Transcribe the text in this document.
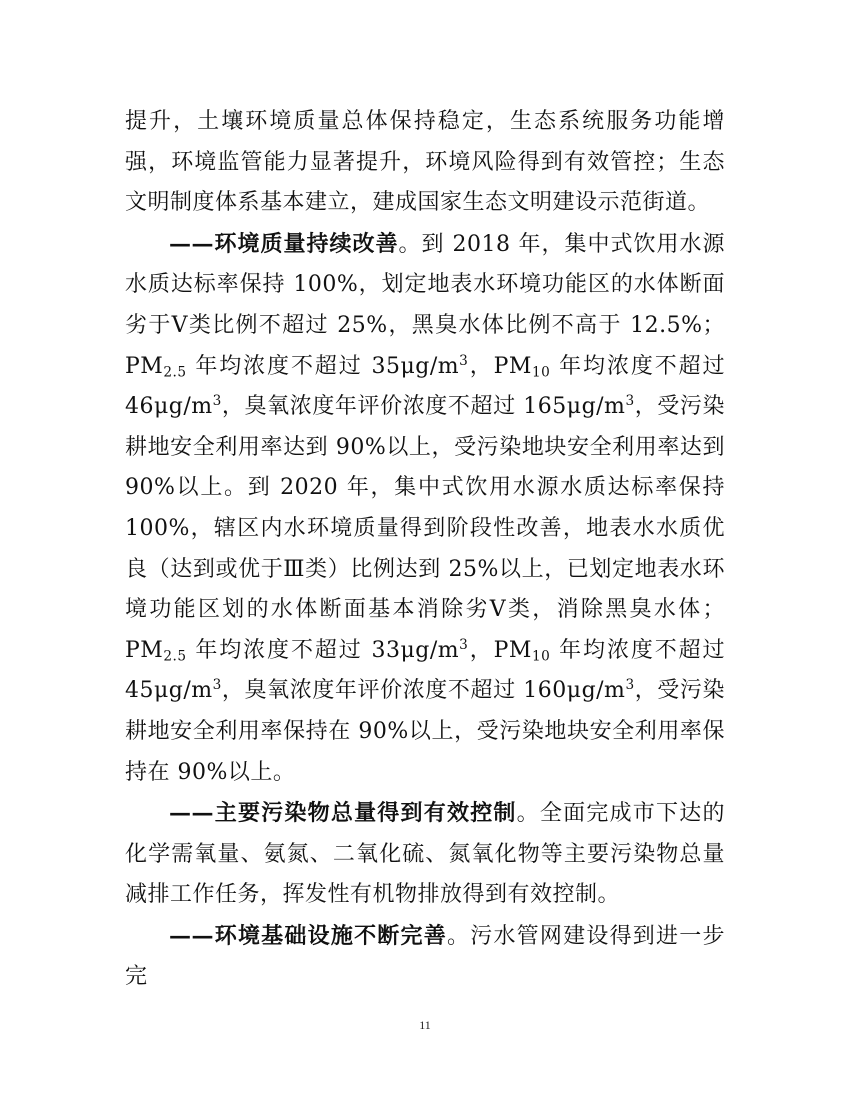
提升，土壤环境质量总体保持稳定，生态系统服务功能增强，环境监管能力显著提升，环境风险得到有效管控；生态文明制度体系基本建立，建成国家生态文明建设示范街道。

——环境质量持续改善。到 2018 年，集中式饮用水源水质达标率保持 100%，划定地表水环境功能区的水体断面劣于Ⅴ类比例不超过 25%，黑臭水体比例不高于 12.5%；$PM_{2.5}$ 年均浓度不超过 $35\mu g/m^3$，$PM_{10}$ 年均浓度不超过 $46\mu g/m^3$，臭氧浓度年评价浓度不超过 $165\mu g/m^3$，受污染耕地安全利用率达到 90%以上，受污染地块安全利用率达到 90%以上。到 2020 年，集中式饮用水源水质达标率保持 100%，辖区内水环境质量得到阶段性改善，地表水水质优良（达到或优于Ⅲ类）比例达到 25%以上，已划定地表水环境功能区划的水体断面基本消除劣Ⅴ类，消除黑臭水体；$PM_{2.5}$ 年均浓度不超过 $33\mu g/m^3$，$PM_{10}$ 年均浓度不超过 $45\mu g/m^3$，臭氧浓度年评价浓度不超过 $160\mu g/m^3$，受污染耕地安全利用率保持在 90%以上，受污染地块安全利用率保持在 90%以上。

——主要污染物总量得到有效控制。全面完成市下达的化学需氧量、氨氮、二氧化硫、氮氧化物等主要污染物总量减排工作任务，挥发性有机物排放得到有效控制。

——环境基础设施不断完善。污水管网建设得到进一步完

11
